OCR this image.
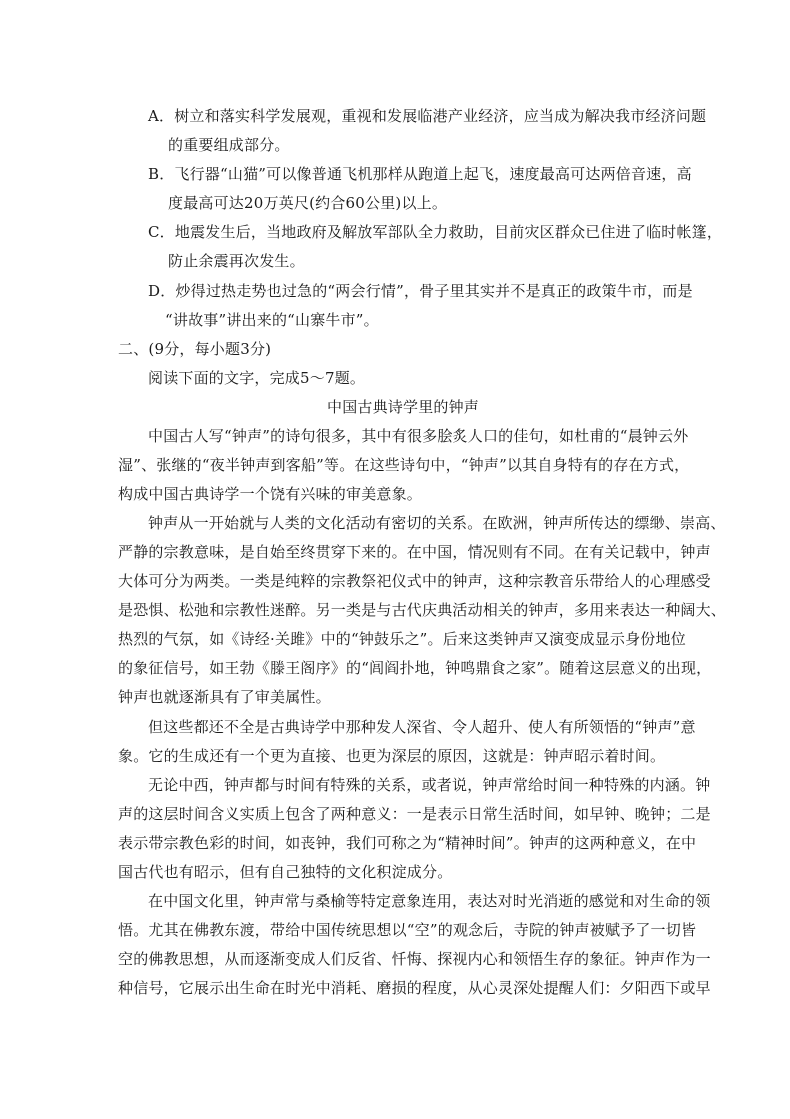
A．树立和落实科学发展观，重视和发展临港产业经济，应当成为解决我市经济问题
的重要组成部分。
B．飞行器“山猫”可以像普通飞机那样从跑道上起飞，速度最高可达两倍音速，高
度最高可达20万英尺(约合60公里)以上。
C．地震发生后，当地政府及解放军部队全力救助，目前灾区群众已住进了临时帐篷，
防止余震再次发生。
D．炒得过热走势也过急的“两会行情”，骨子里其实并不是真正的政策牛市，而是
“讲故事”讲出来的“山寨牛市”。
二、(9分，每小题3分)
阅读下面的文字，完成5～7题。
中国古典诗学里的钟声
中国古人写“钟声”的诗句很多，其中有很多脍炙人口的佳句，如杜甫的“晨钟云外
湿”、张继的“夜半钟声到客船”等。在这些诗句中，“钟声”以其自身特有的存在方式，
构成中国古典诗学一个饶有兴味的审美意象。
钟声从一开始就与人类的文化活动有密切的关系。在欧洲，钟声所传达的缥缈、崇高、
严静的宗教意味，是自始至终贯穿下来的。在中国，情况则有不同。在有关记载中，钟声
大体可分为两类。一类是纯粹的宗教祭祀仪式中的钟声，这种宗教音乐带给人的心理感受
是恐惧、松弛和宗教性迷醉。另一类是与古代庆典活动相关的钟声，多用来表达一种阔大、
热烈的气氛，如《诗经·关雎》中的“钟鼓乐之”。后来这类钟声又演变成显示身份地位
的象征信号，如王勃《滕王阁序》的“闾阎扑地，钟鸣鼎食之家”。随着这层意义的出现，
钟声也就逐渐具有了审美属性。
但这些都还不全是古典诗学中那种发人深省、令人超升、使人有所领悟的“钟声”意
象。它的生成还有一个更为直接、也更为深层的原因，这就是：钟声昭示着时间。
无论中西，钟声都与时间有特殊的关系，或者说，钟声常给时间一种特殊的内涵。钟
声的这层时间含义实质上包含了两种意义：一是表示日常生活时间，如早钟、晚钟；二是
表示带宗教色彩的时间，如丧钟，我们可称之为“精神时间”。钟声的这两种意义，在中
国古代也有昭示，但有自己独特的文化积淀成分。
在中国文化里，钟声常与桑榆等特定意象连用，表达对时光消逝的感觉和对生命的领
悟。尤其在佛教东渡，带给中国传统思想以“空”的观念后，寺院的钟声被赋予了一切皆
空的佛教思想，从而逐渐变成人们反省、忏悔、探视内心和领悟生存的象征。钟声作为一
种信号，它展示出生命在时光中消耗、磨损的程度，从心灵深处提醒人们：夕阳西下或早
